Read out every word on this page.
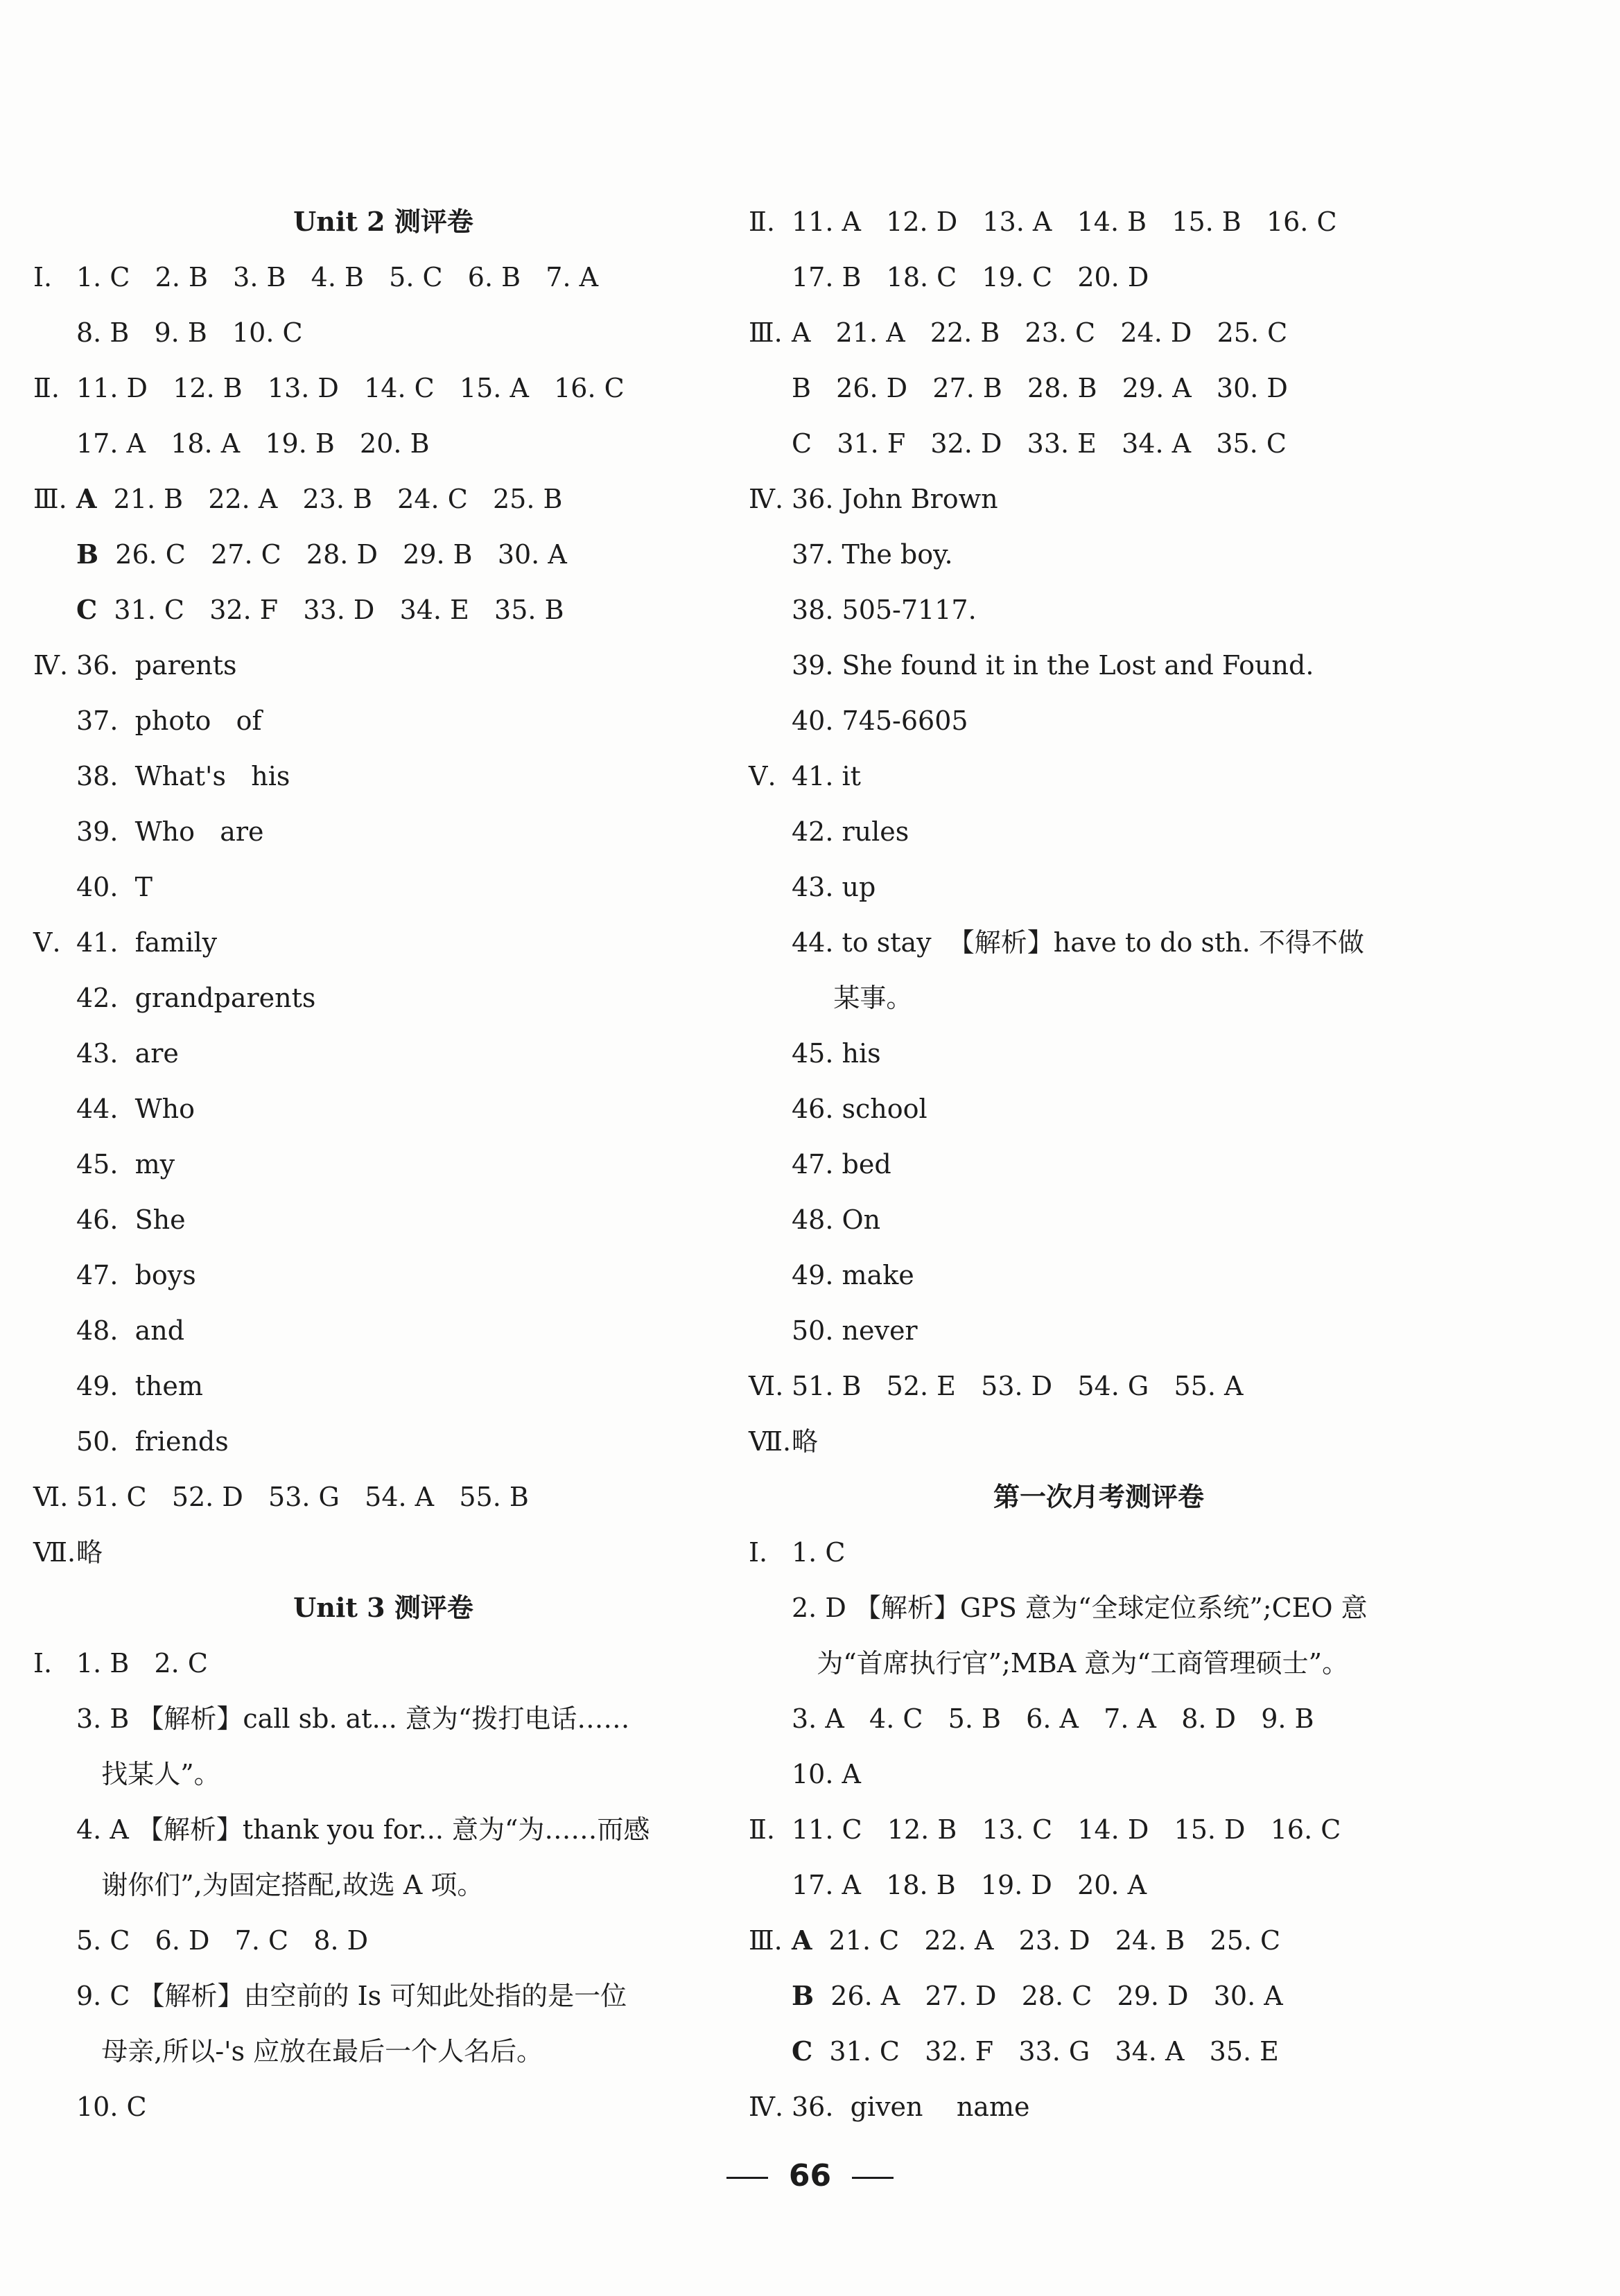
Unit 2 测评卷
Ⅰ. 1. C   2. B   3. B   4. B   5. C   6. B   7. A
8. B   9. B   10. C
Ⅱ. 11. D   12. B   13. D   14. C   15. A   16. C
17. A   18. A   19. B   20. B
Ⅲ. A  21. B   22. A   23. B   24. C   25. B
B  26. C   27. C   28. D   29. B   30. A
C  31. C   32. F   33. D   34. E   35. B
Ⅳ. 36.  parents
37.  photo   of
38.  What's   his
39.  Who   are
40.  T
Ⅴ. 41.  family
42.  grandparents
43.  are
44.  Who
45.  my
46.  She
47.  boys
48.  and
49.  them
50.  friends
Ⅵ. 51. C   52. D   53. G   54. A   55. B
Ⅶ.略
Unit 3 测评卷
Ⅰ. 1. B   2. C
3. B 【解析】call sb. at... 意为“拨打电话……
找某人”。
4. A 【解析】thank you for... 意为“为……而感
谢你们”,为固定搭配,故选 A 项。
5. C   6. D   7. C   8. D
9. C 【解析】由空前的 Is 可知此处指的是一位
母亲,所以-'s 应放在最后一个人名后。
10. C
Ⅱ. 11. A   12. D   13. A   14. B   15. B   16. C
17. B   18. C   19. C   20. D
Ⅲ. A   21. A   22. B   23. C   24. D   25. C
B   26. D   27. B   28. B   29. A   30. D
C   31. F   32. D   33. E   34. A   35. C
Ⅳ. 36. John Brown
37. The boy.
38. 505-7117.
39. She found it in the Lost and Found.
40. 745-6605
Ⅴ. 41. it
42. rules
43. up
44. to stay  【解析】have to do sth. 不得不做
某事。
45. his
46. school
47. bed
48. On
49. make
50. never
Ⅵ. 51. B   52. E   53. D   54. G   55. A
Ⅶ.略
第一次月考测评卷
Ⅰ. 1. C
2. D 【解析】GPS 意为“全球定位系统”;CEO 意
为“首席执行官”;MBA 意为“工商管理硕士”。
3. A   4. C   5. B   6. A   7. A   8. D   9. B
10. A
Ⅱ. 11. C   12. B   13. C   14. D   15. D   16. C
17. A   18. B   19. D   20. A
Ⅲ. A  21. C   22. A   23. D   24. B   25. C
B  26. A   27. D   28. C   29. D   30. A
C  31. C   32. F   33. G   34. A   35. E
Ⅳ. 36.  given    name
66
